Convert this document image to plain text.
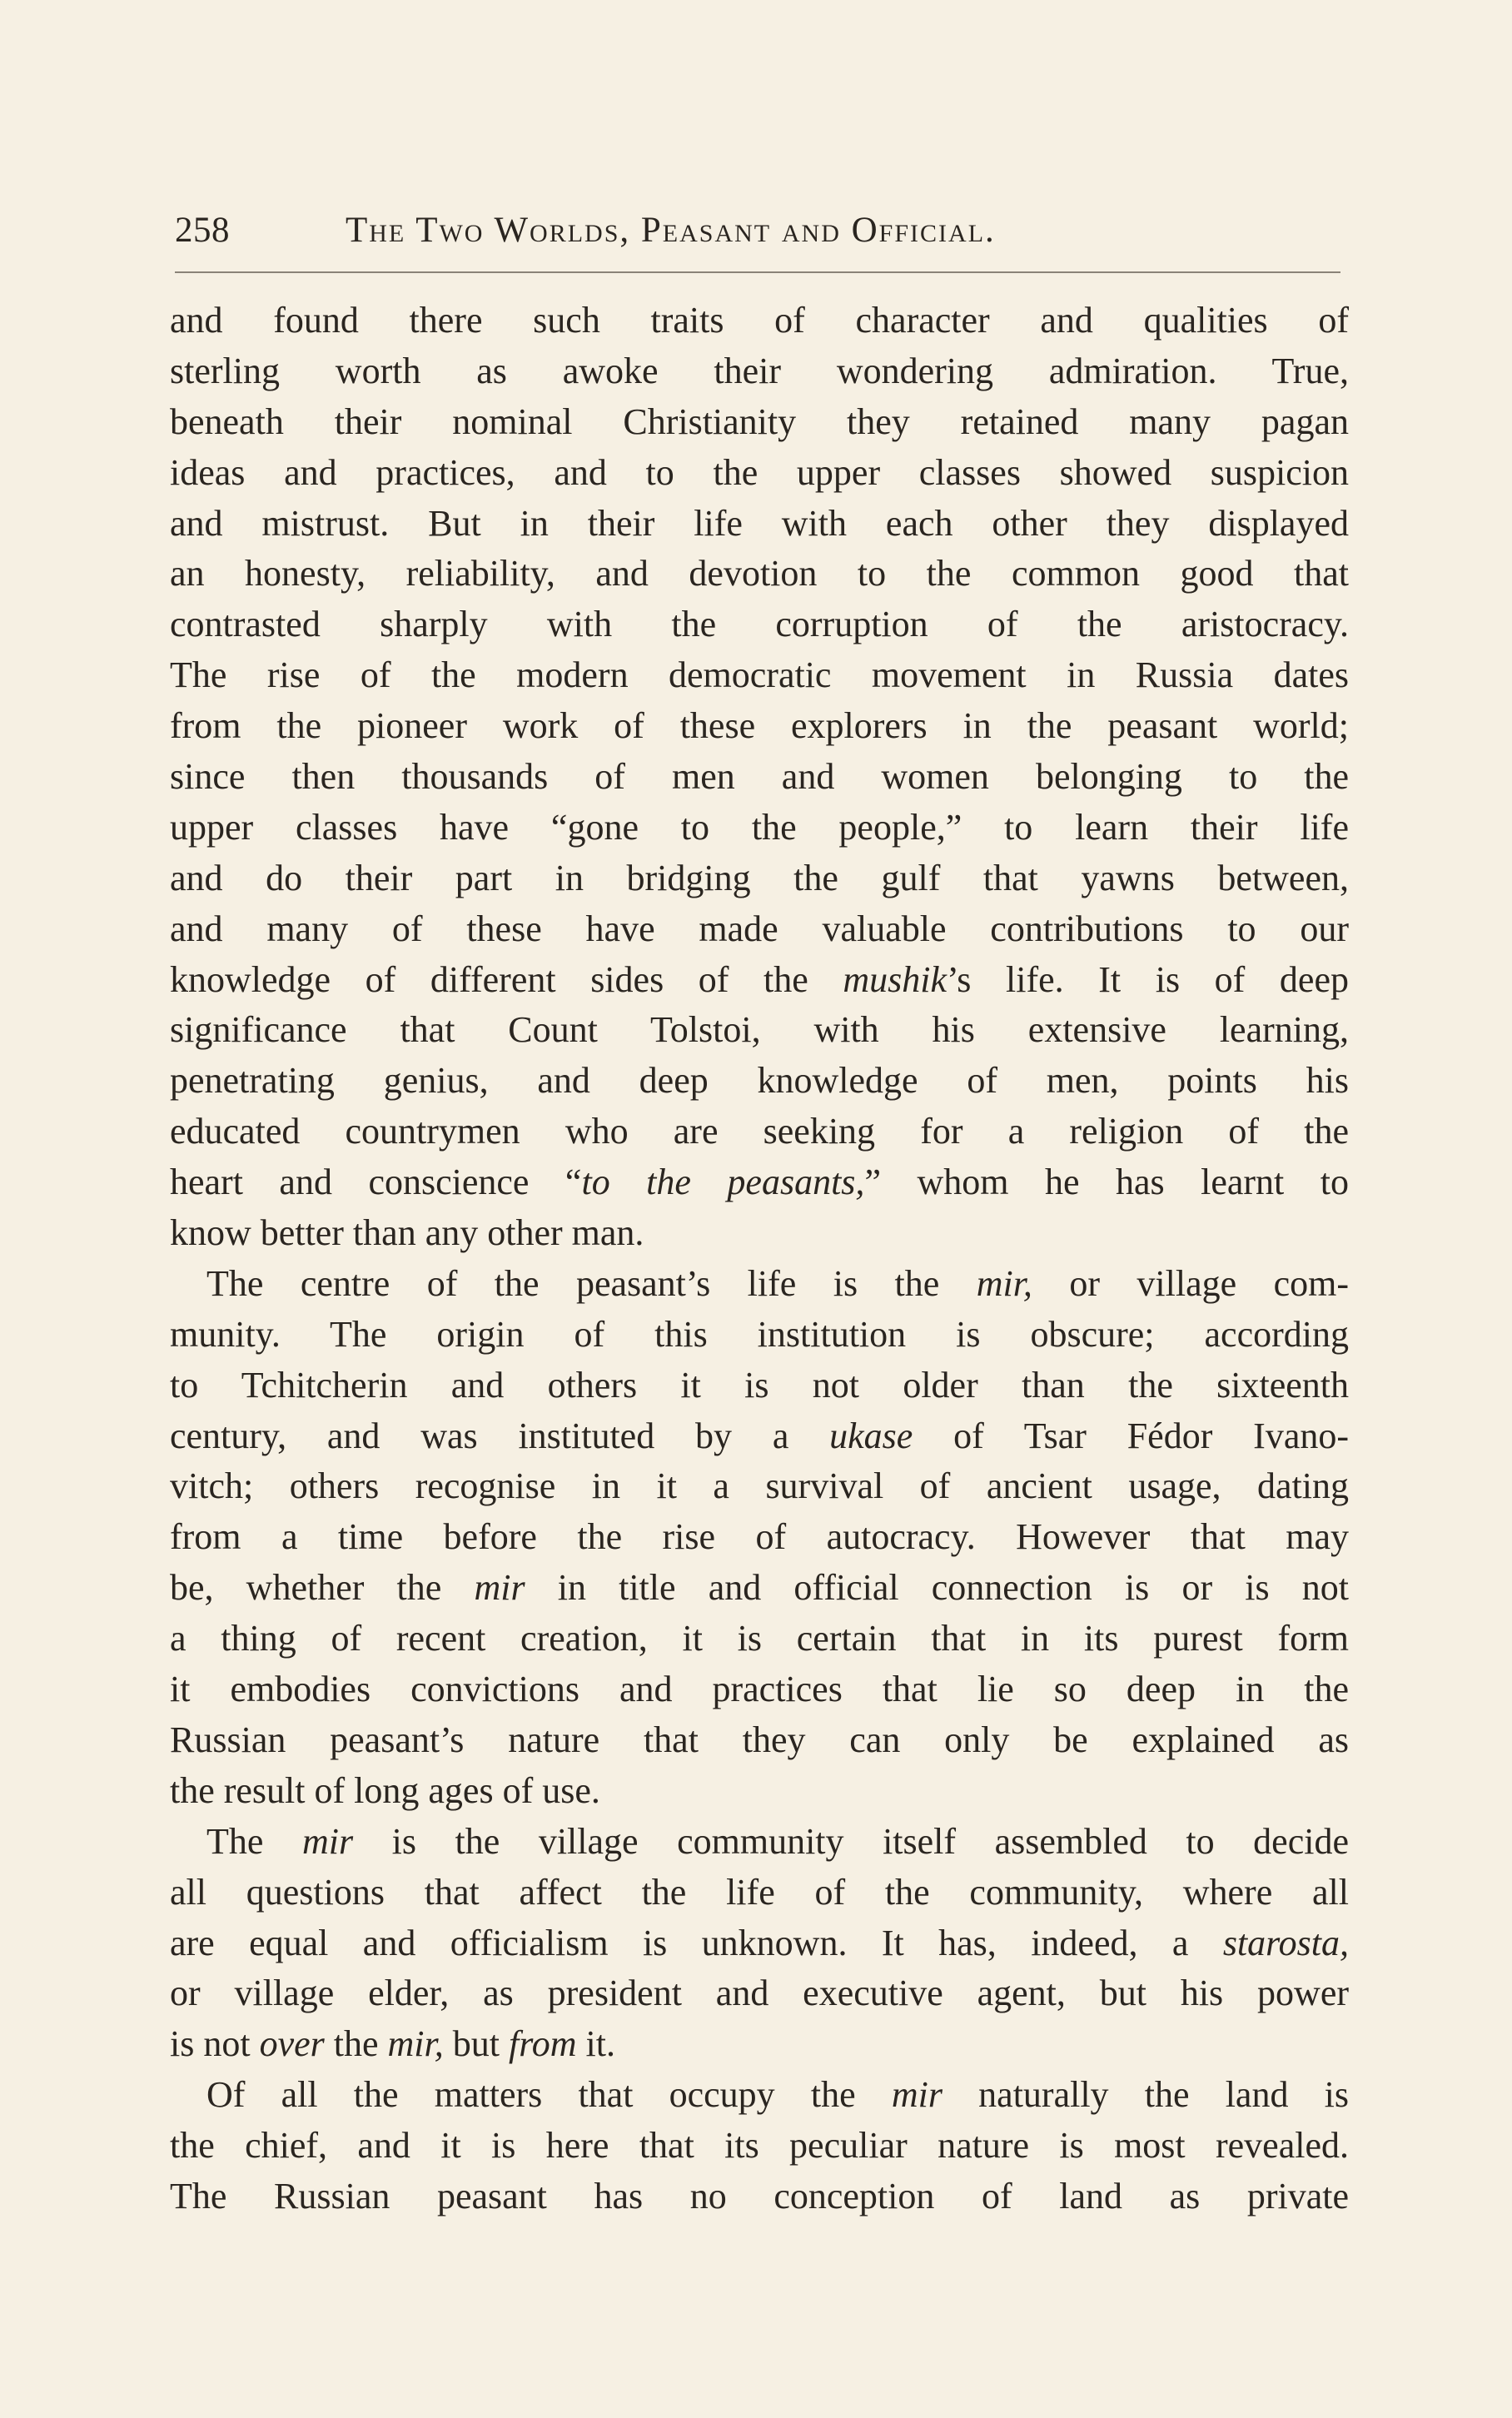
258	The Two Worlds, Peasant and Official.

and found there such traits of character and qualities of
sterling worth as awoke their wondering admiration. True,
beneath their nominal Christianity they retained many pagan
ideas and practices, and to the upper classes showed suspicion
and mistrust. But in their life with each other they displayed
an honesty, reliability, and devotion to the common good that
contrasted sharply with the corruption of the aristocracy.
The rise of the modern democratic movement in Russia dates
from the pioneer work of these explorers in the peasant world;
since then thousands of men and women belonging to the
upper classes have “gone to the people,” to learn their life
and do their part in bridging the gulf that yawns between,
and many of these have made valuable contributions to our
knowledge of different sides of the mushik’s life. It is of deep
significance that Count Tolstoi, with his extensive learning,
penetrating genius, and deep knowledge of men, points his
educated countrymen who are seeking for a religion of the
heart and conscience “to the peasants,” whom he has learnt to
know better than any other man.

The centre of the peasant’s life is the mir, or village com-
munity. The origin of this institution is obscure; according
to Tchitcherin and others it is not older than the sixteenth
century, and was instituted by a ukase of Tsar Fédor Ivano-
vitch; others recognise in it a survival of ancient usage, dating
from a time before the rise of autocracy. However that may
be, whether the mir in title and official connection is or is not
a thing of recent creation, it is certain that in its purest form
it embodies convictions and practices that lie so deep in the
Russian peasant’s nature that they can only be explained as
the result of long ages of use.

The mir is the village community itself assembled to decide
all questions that affect the life of the community, where all
are equal and officialism is unknown. It has, indeed, a starosta,
or village elder, as president and executive agent, but his power
is not over the mir, but from it.

Of all the matters that occupy the mir naturally the land is
the chief, and it is here that its peculiar nature is most revealed.
The Russian peasant has no conception of land as private
